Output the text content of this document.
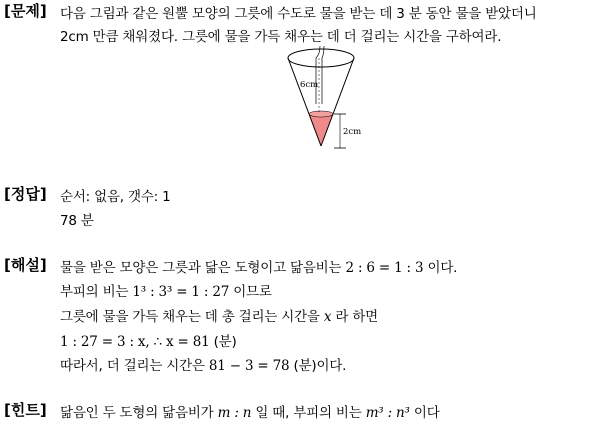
[문제] 다음 그림과 같은 원뿔 모양의 그릇에 수도로 물을 받는 데 3 분 동안 물을 받았더니
2cm 만큼 채워졌다. 그릇에 물을 가득 채우는 데 더 걸리는 시간을 구하여라.
6cm
2cm
[정답] 순서: 없음, 갯수: 1
78 분
[해설] 물을 받은 모양은 그릇과 닮은 도형이고 닮음비는 2 : 6 = 1 : 3 이다.
부피의 비는 1³ : 3³ = 1 : 27 이므로
그릇에 물을 가득 채우는 데 총 걸리는 시간을 x 라 하면
1 : 27 = 3 : x, ∴ x = 81 (분)
따라서, 더 걸리는 시간은 81 − 3 = 78 (분)이다.
[힌트] 닮음인 두 도형의 닮음비가 m : n 일 때, 부피의 비는 m³ : n³ 이다
